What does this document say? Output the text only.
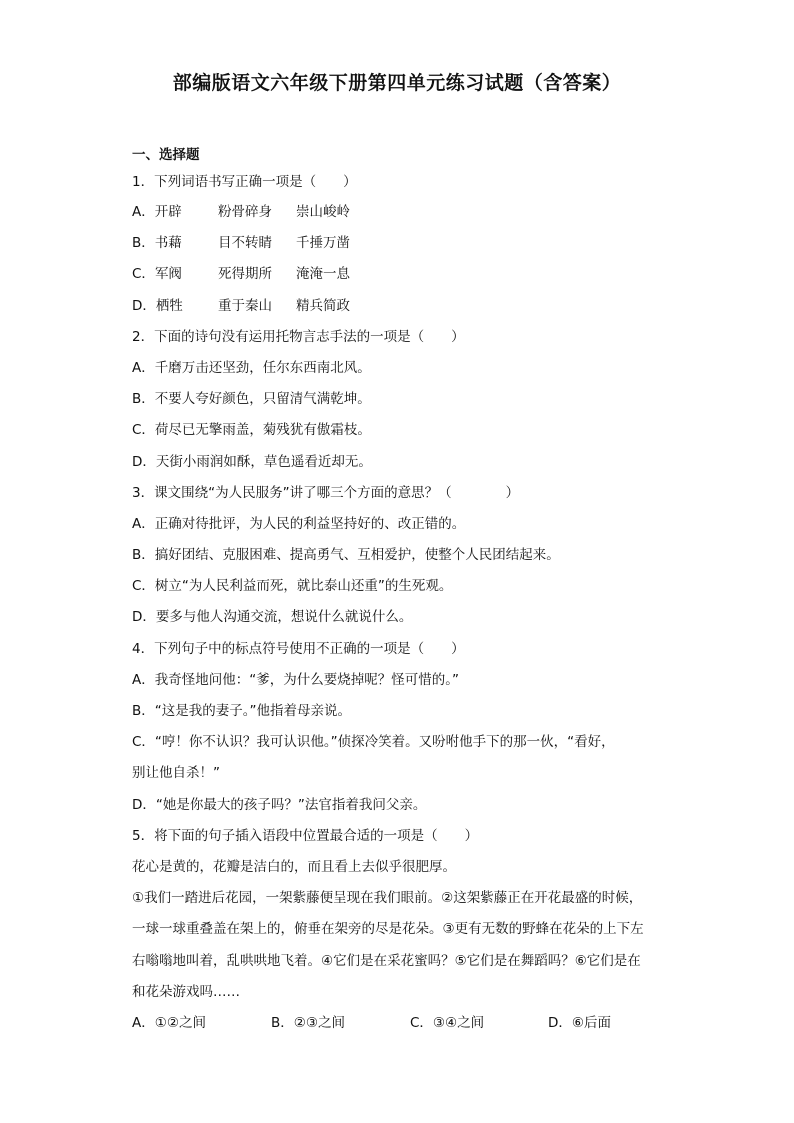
部编版语文六年级下册第四单元练习试题（含答案）
一、选择题
1．下列词语书写正确一项是（　　）
A．开辟	粉骨碎身 崇山峻岭
B．书藉	目不转睛 千捶万凿
C．军阀	死得期所 淹淹一息
D．栖牲	重于秦山 精兵简政
2．下面的诗句没有运用托物言志手法的一项是（　　）
A．千磨万击还坚劲，任尔东西南北风。
B．不要人夸好颜色，只留清气满乾坤。
C．荷尽已无擎雨盖，菊残犹有傲霜枝。
D．天街小雨润如酥，草色遥看近却无。
3．课文围绕“为人民服务”讲了哪三个方面的意思？（　　　　）
A．正确对待批评，为人民的利益坚持好的、改正错的。
B．搞好团结、克服困难、提高勇气、互相爱护，使整个人民团结起来。
C．树立“为人民利益而死，就比泰山还重”的生死观。
D．要多与他人沟通交流，想说什么就说什么。
4．下列句子中的标点符号使用不正确的一项是（　　）
A．我奇怪地问他：“爹，为什么要烧掉呢？怪可惜的。”
B．“这是我的妻子。”他指着母亲说。
C．“哼！你不认识？我可认识他。”侦探冷笑着。又吩咐他手下的那一伙，“看好，
别让他自杀！”
D．“她是你最大的孩子吗？”法官指着我问父亲。
5．将下面的句子插入语段中位置最合适的一项是（　　）
花心是黄的，花瓣是洁白的，而且看上去似乎很肥厚。
①我们一踏进后花园，一架紫藤便呈现在我们眼前。②这架紫藤正在开花最盛的时候，
一球一球重叠盖在架上的，俯垂在架旁的尽是花朵。③更有无数的野蜂在花朵的上下左
右嗡嗡地叫着，乱哄哄地飞着。④它们是在采花蜜吗？⑤它们是在舞蹈吗？⑥它们是在
和花朵游戏吗……
A．①②之间	B．②③之间	C．③④之间	D．⑥后面
